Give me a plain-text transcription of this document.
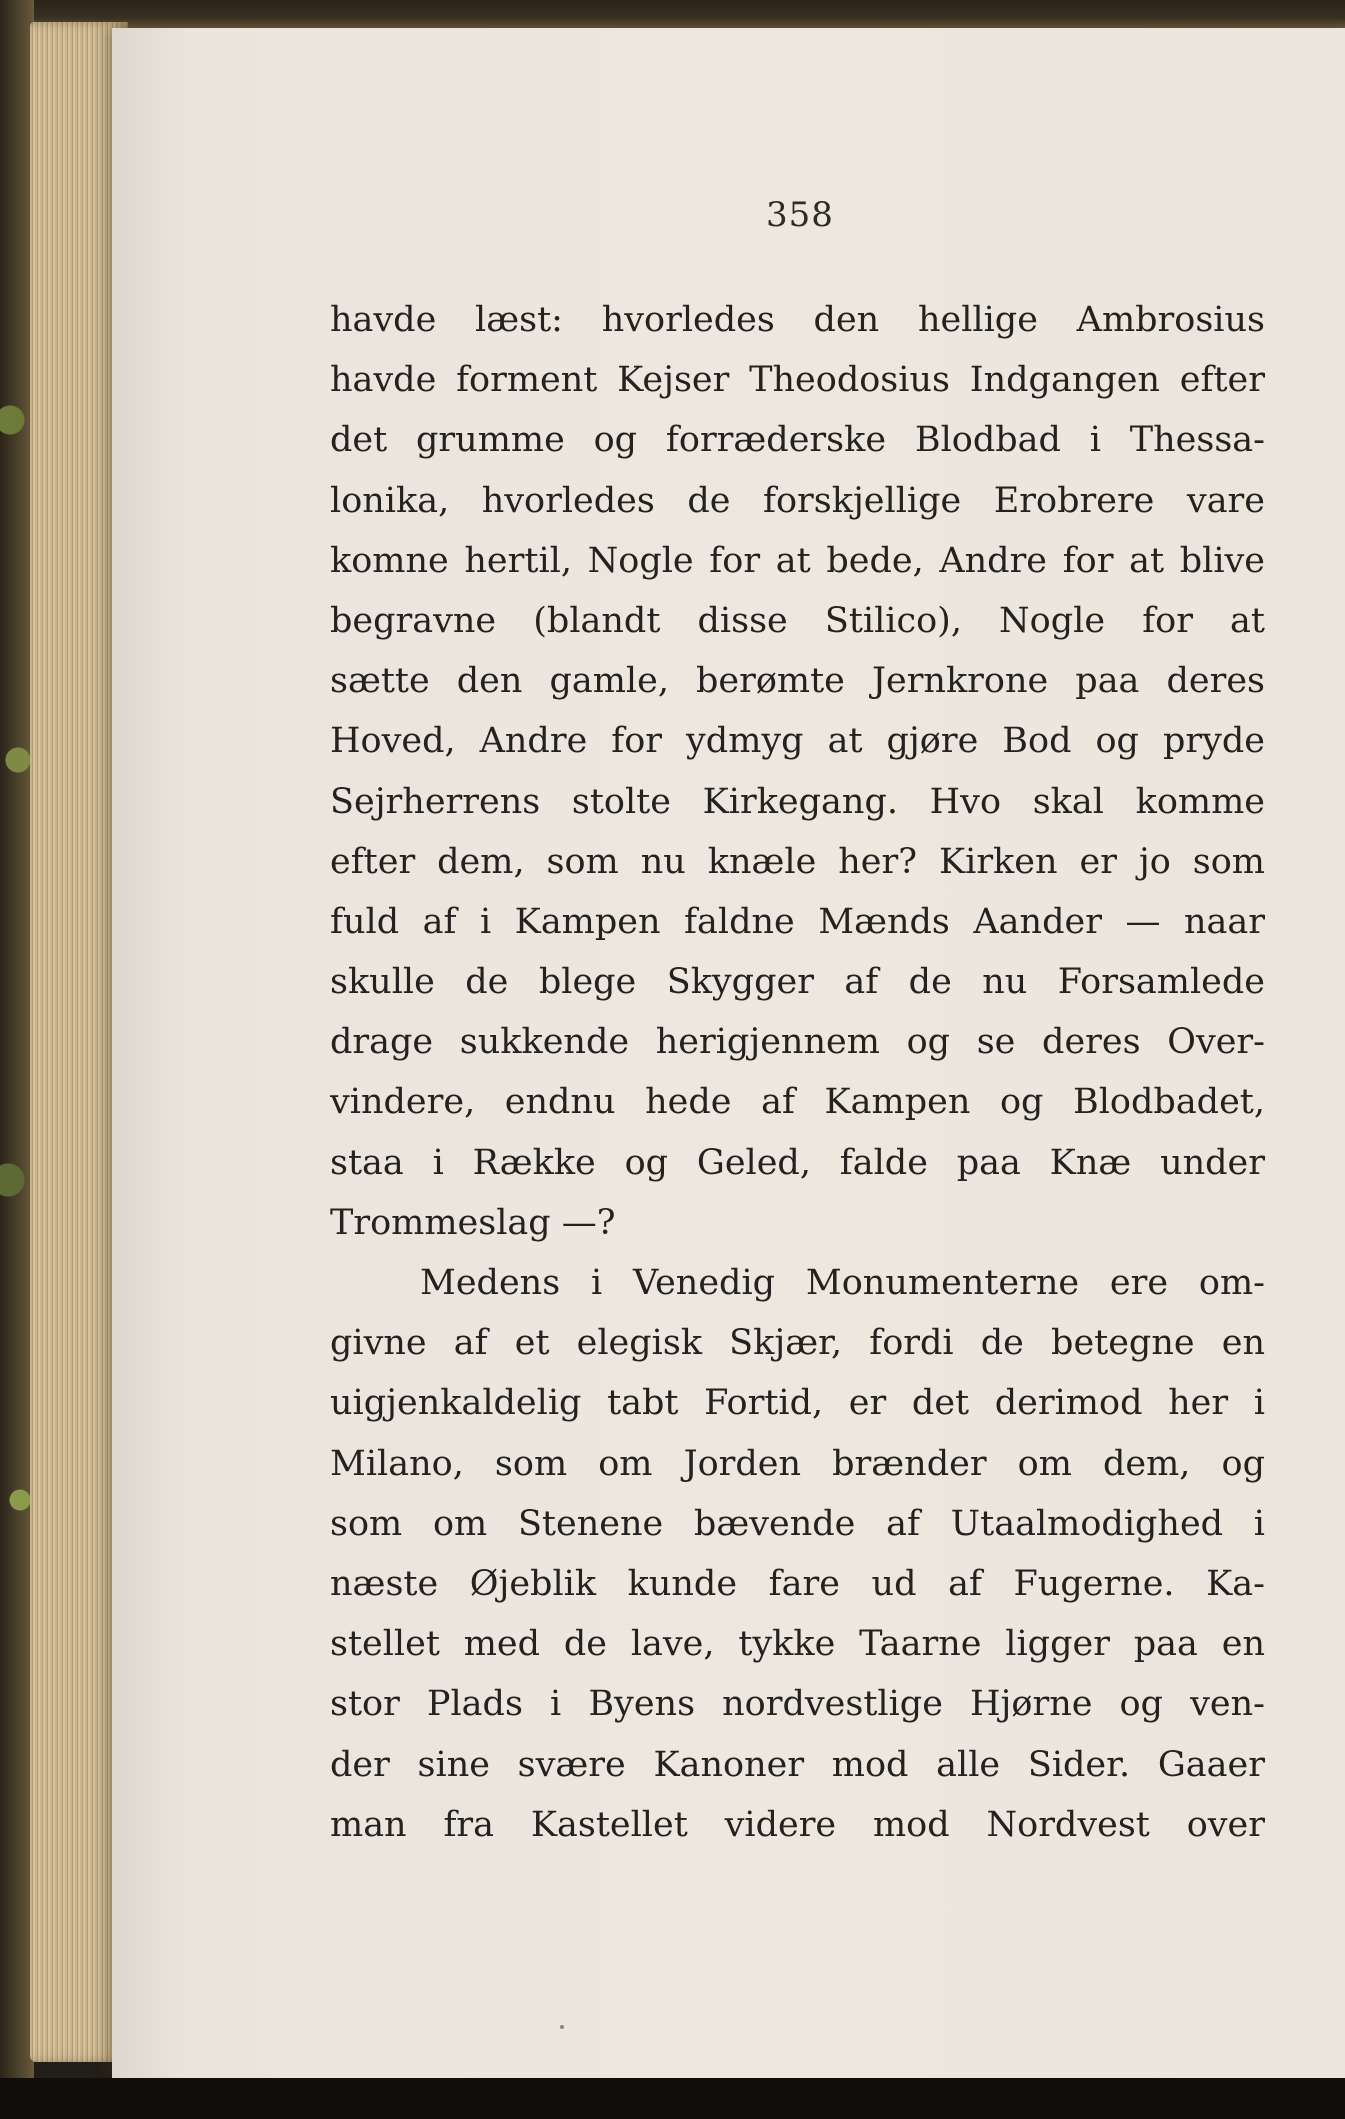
358
havde læst: hvorledes den hellige Ambrosius
havde forment Kejser Theodosius Indgangen efter
det grumme og forræderske Blodbad i Thessa-
lonika, hvorledes de forskjellige Erobrere vare
komne hertil, Nogle for at bede, Andre for at blive
begravne (blandt disse Stilico), Nogle for at
sætte den gamle, berømte Jernkrone paa deres
Hoved, Andre for ydmyg at gjøre Bod og pryde
Sejrherrens stolte Kirkegang. Hvo skal komme
efter dem, som nu knæle her? Kirken er jo som
fuld af i Kampen faldne Mænds Aander — naar
skulle de blege Skygger af de nu Forsamlede
drage sukkende herigjennem og se deres Over-
vindere, endnu hede af Kampen og Blodbadet,
staa i Række og Geled, falde paa Knæ under
Trommeslag —?
Medens i Venedig Monumenterne ere om-
givne af et elegisk Skjær, fordi de betegne en
uigjenkaldelig tabt Fortid, er det derimod her i
Milano, som om Jorden brænder om dem, og
som om Stenene bævende af Utaalmodighed i
næste Øjeblik kunde fare ud af Fugerne. Ka-
stellet med de lave, tykke Taarne ligger paa en
stor Plads i Byens nordvestlige Hjørne og ven-
der sine svære Kanoner mod alle Sider. Gaaer
man fra Kastellet videre mod Nordvest over
